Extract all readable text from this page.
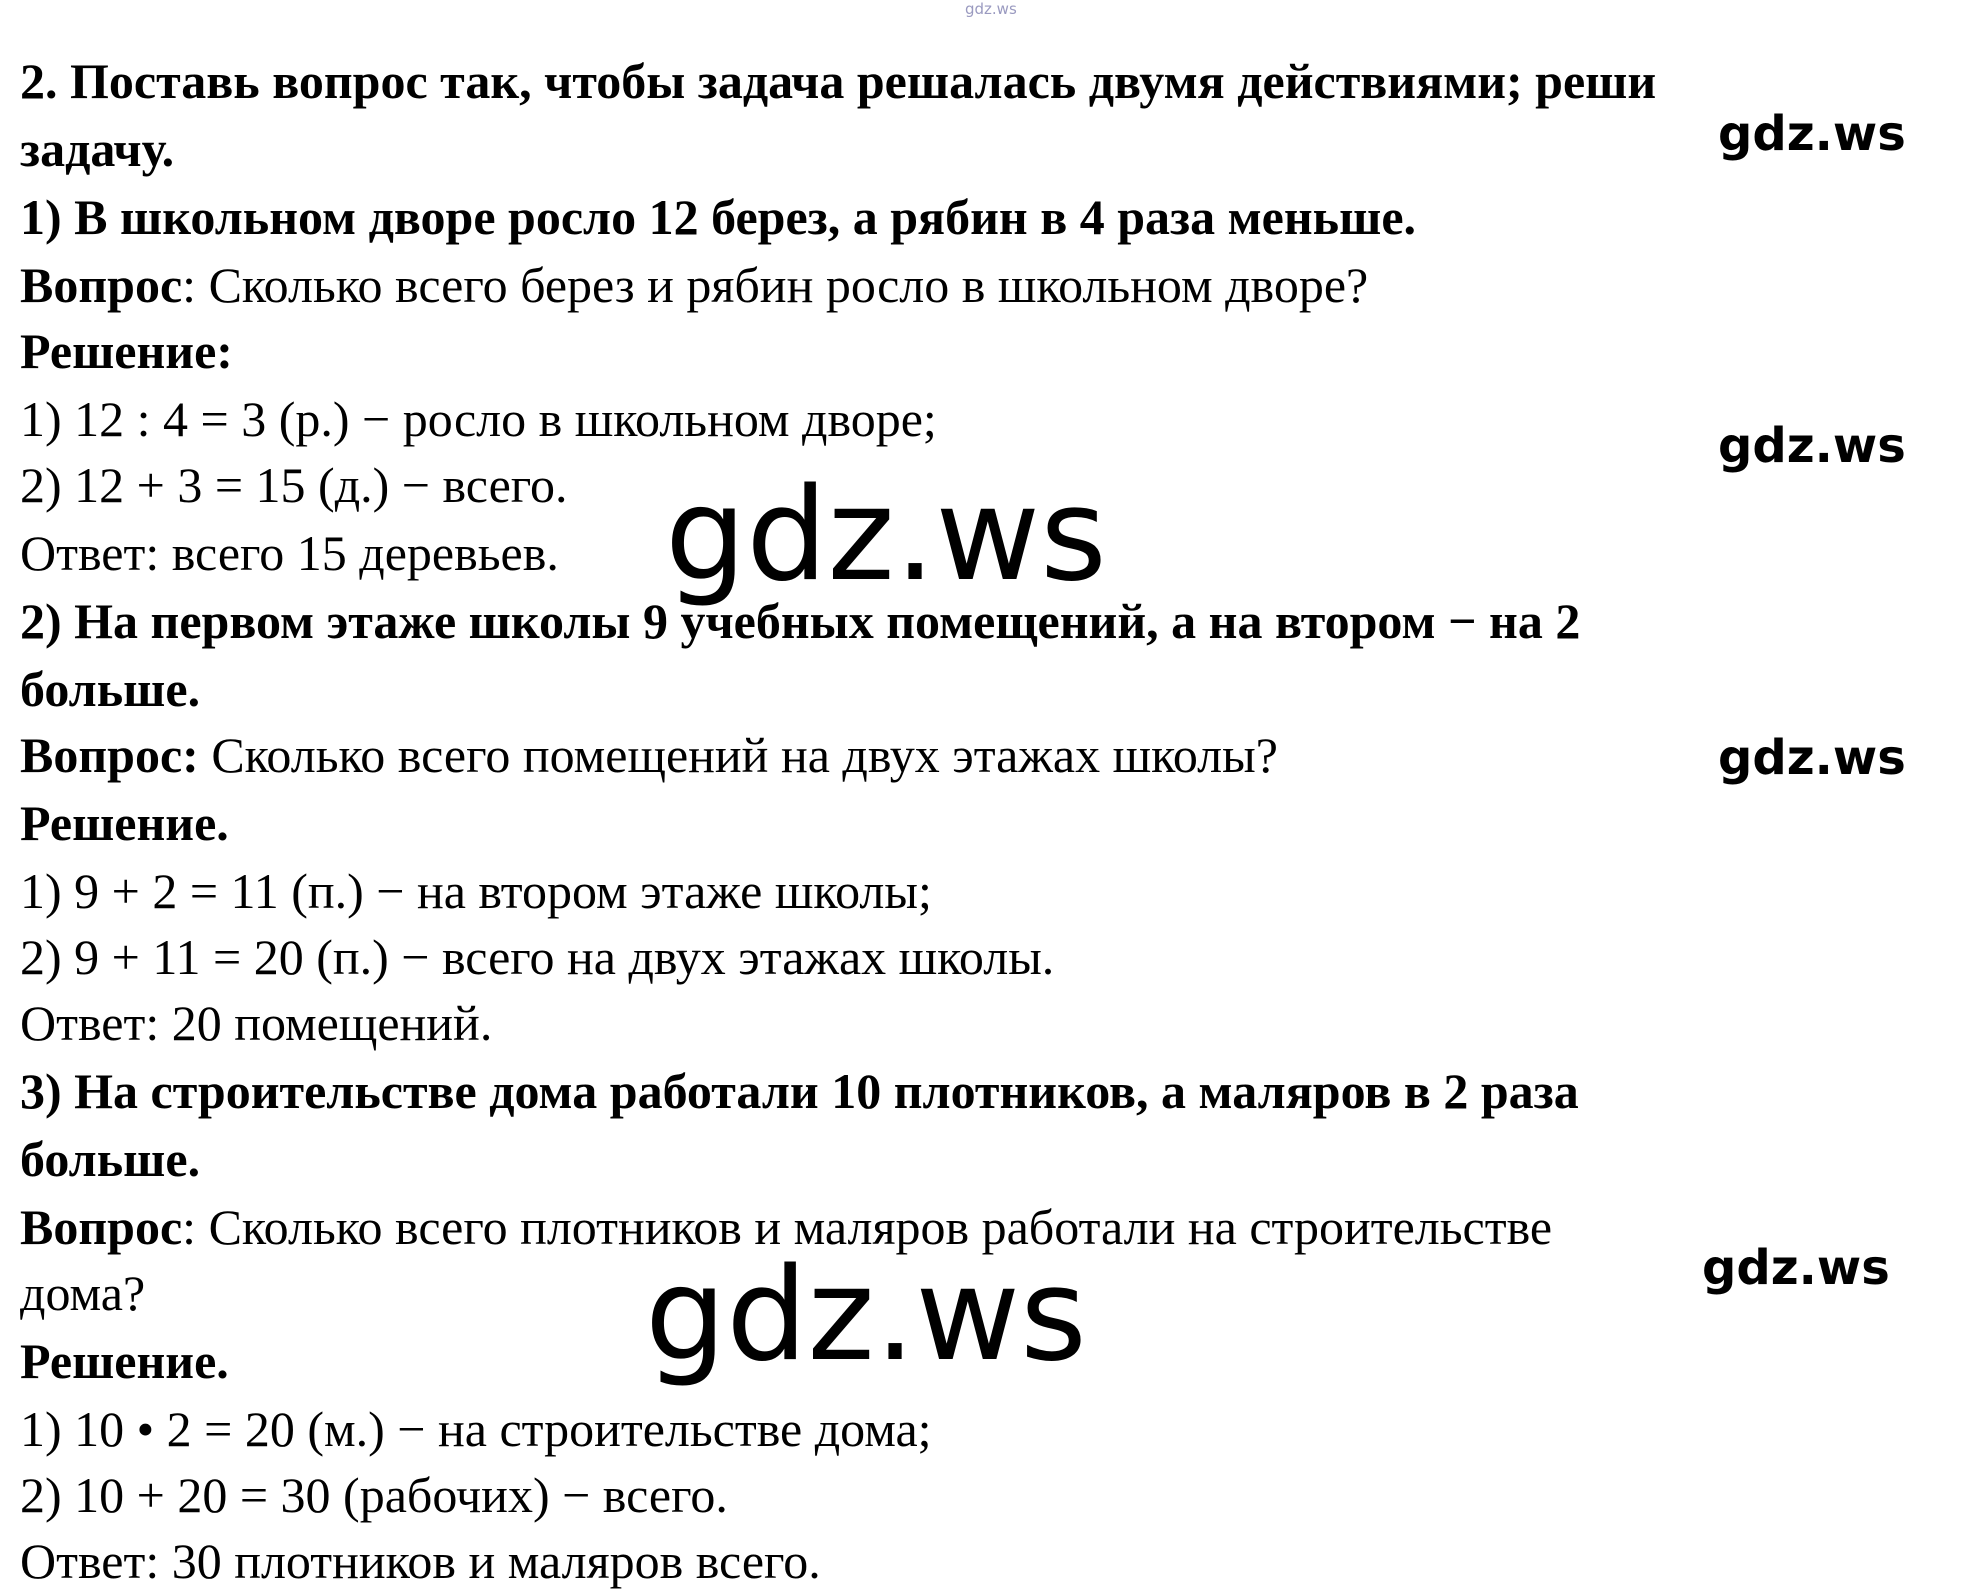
gdz.ws
2. Поставь вопрос так, чтобы задача решалась двумя действиями; реши
задачу.
1) В школьном дворе росло 12 берез, а рябин в 4 раза меньше.
Вопрос: Сколько всего берез и рябин росло в школьном дворе?
Решение:
1) 12 : 4 = 3 (р.) − росло в школьном дворе;
2) 12 + 3 = 15 (д.) − всего.
Ответ: всего 15 деревьев.
2) На первом этаже школы 9 учебных помещений, а на втором − на 2
больше.
Вопрос: Сколько всего помещений на двух этажах школы?
Решение.
1) 9 + 2 = 11 (п.) − на втором этаже школы;
2) 9 + 11 = 20 (п.) − всего на двух этажах школы.
Ответ: 20 помещений.
3) На строительстве дома работали 10 плотников, а маляров в 2 раза
больше.
Вопрос: Сколько всего плотников и маляров работали на строительстве
дома?
Решение.
1) 10 • 2 = 20 (м.) − на строительстве дома;
2) 10 + 20 = 30 (рабочих) − всего.
Ответ: 30 плотников и маляров всего.
gdz.ws
gdz.ws
gdz.ws
gdz.ws
gdz.ws
gdz.ws
